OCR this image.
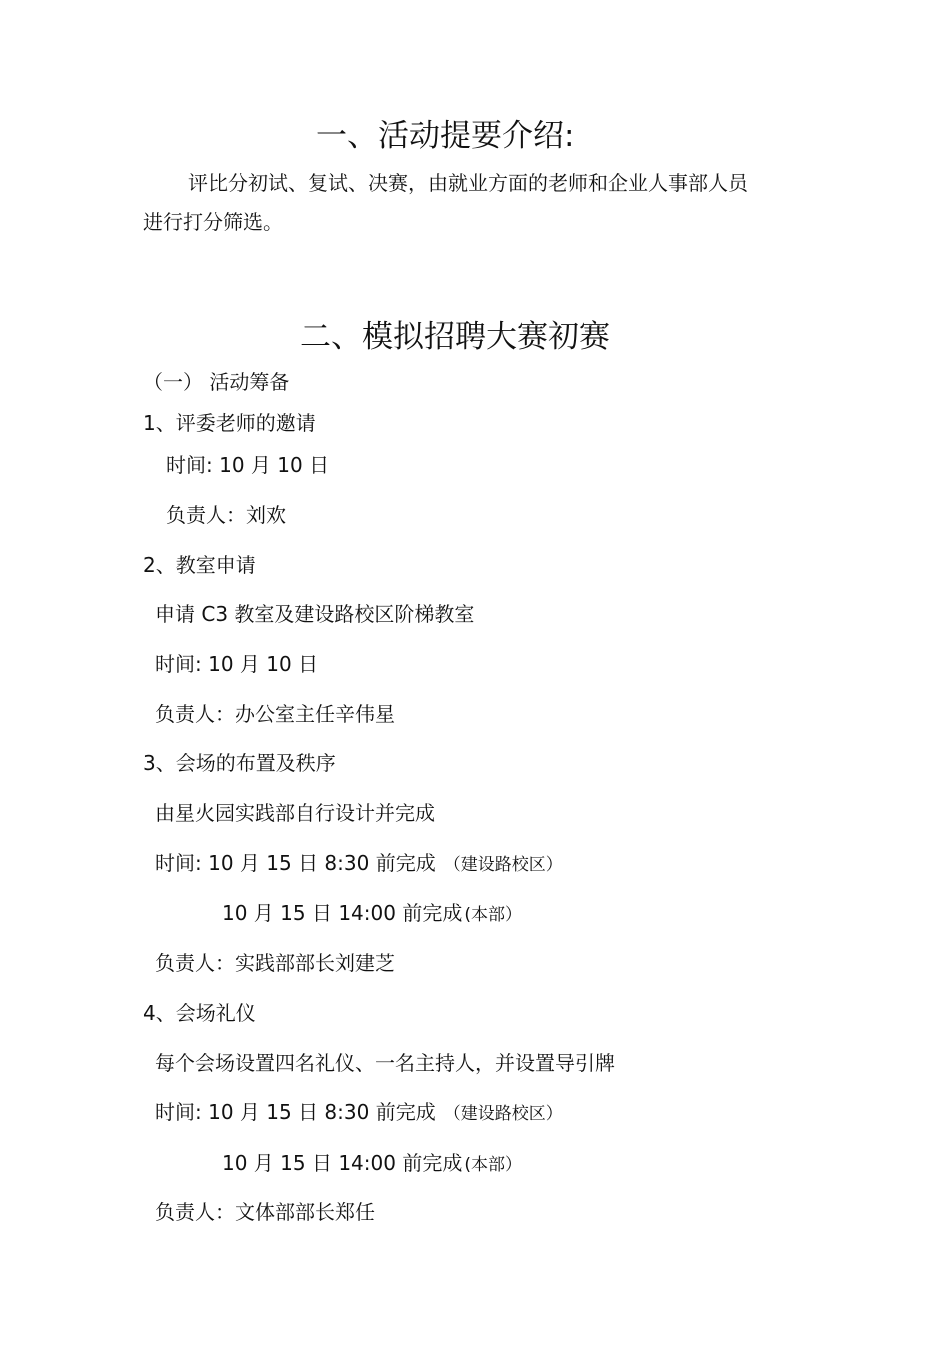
一、活动提要介绍:
评比分初试、复试、决赛，由就业方面的老师和企业人事部人员
进行打分筛选。
二、模拟招聘大赛初赛
（一） 活动筹备
1、评委老师的邀请
时间: 10 月 10 日
负责人：刘欢
2、教室申请
申请 C3 教室及建设路校区阶梯教室
时间: 10 月 10 日
负责人：办公室主任辛伟星
3、会场的布置及秩序
由星火园实践部自行设计并完成
时间: 10 月 15 日 8:30 前完成 （建设路校区）
10 月 15 日 14:00 前完成 (本部）
负责人：实践部部长刘建芝
4、会场礼仪
每个会场设置四名礼仪、一名主持人，并设置导引牌
时间: 10 月 15 日 8:30 前完成 （建设路校区）
10 月 15 日 14:00 前完成 (本部）
负责人：文体部部长郑任
